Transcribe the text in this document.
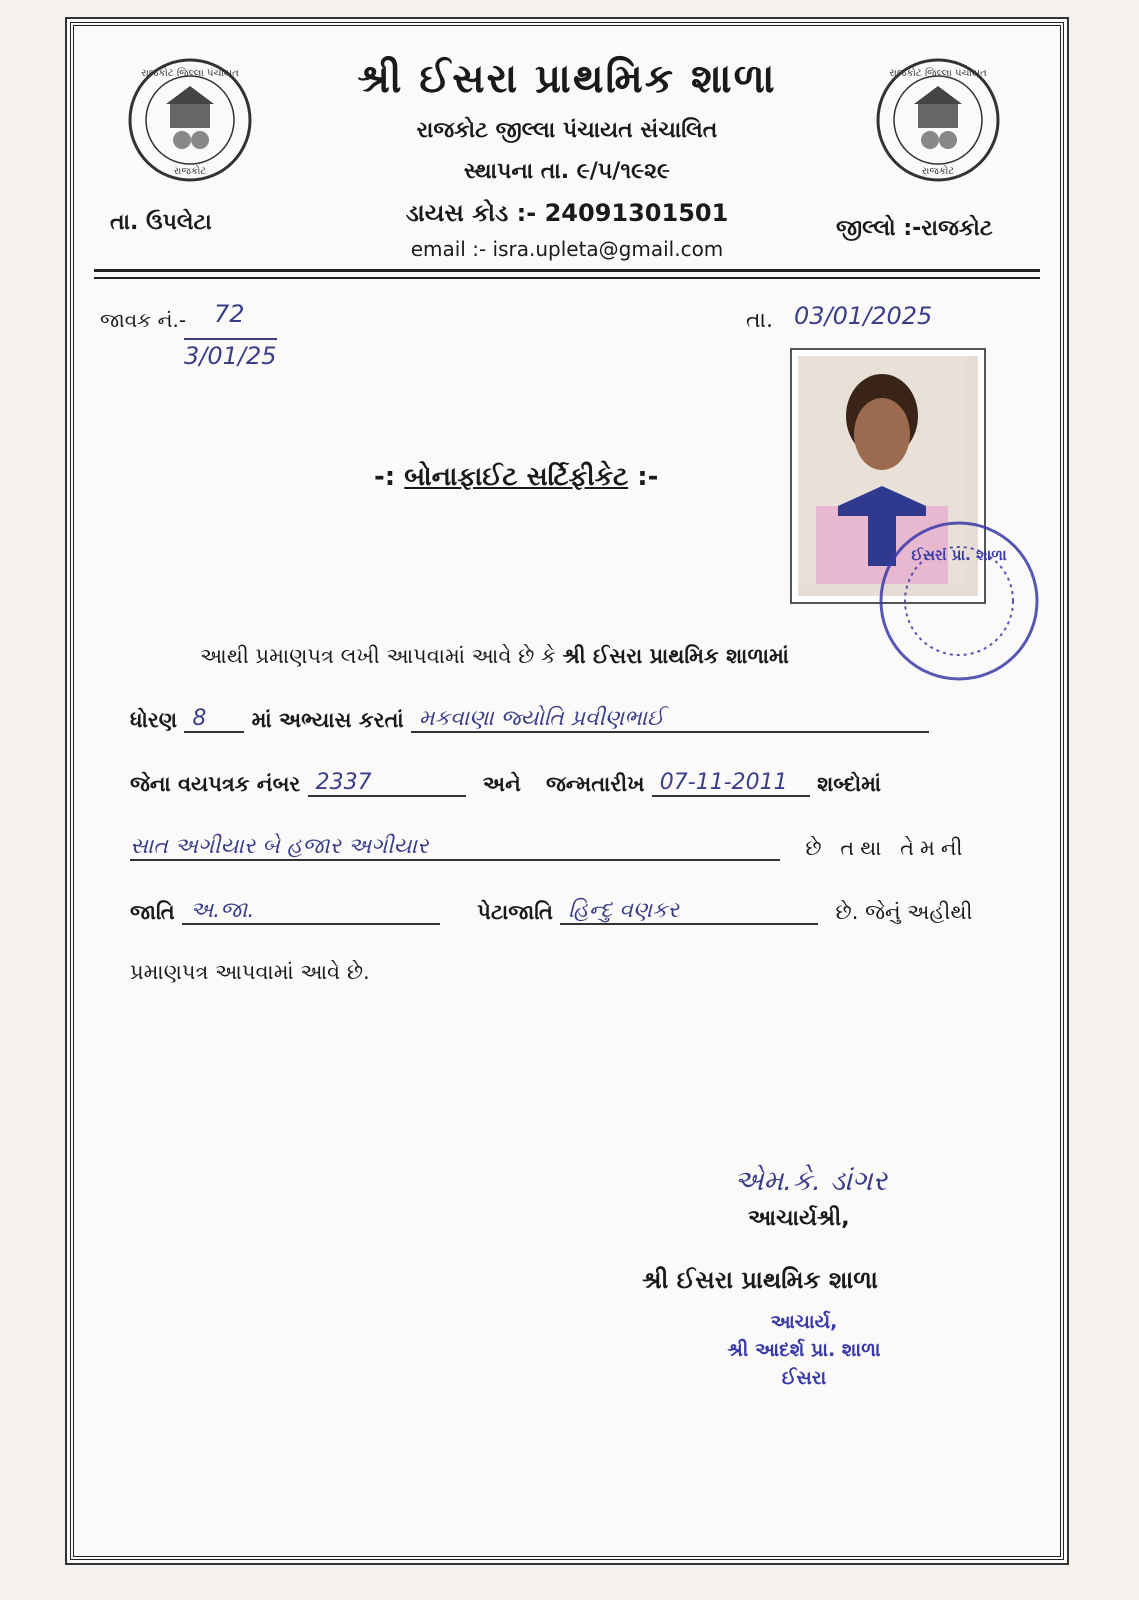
રાજકોટ જિલ્લા પંચાયત
રાજકોટ
રાજકોટ જિલ્લા પંચાયત
રાજકોટ
શ્રી ઈસરા પ્રાથમિક શાળા
રાજકોટ જીલ્લા પંચાયત સંચાલિત
સ્થાપના તા. ૯/૫/૧૯૨૯
ડાયસ કોડ :- 24091301501
email :- isra.upleta@gmail.com
તા. ઉપલેટા	જીલ્લો :-રાજકોટ
જાવક નં.- 72
3/01/25
તા. 03/01/2025
ઈસરા પ્રા. શાળા
-: બોનાફાઈટ સર્ટિફીકેટ :-
આથી પ્રમાણપત્ર લખી આપવામાં આવે છે કે શ્રી ઈસરા પ્રાથમિક શાળામાં
ધોરણ 8 માં અભ્યાસ કરતાં મકવાણા જ્યોતિ પ્રવીણભાઈ
જેના વયપત્રક નંબર 2337	અને જન્મતારીખ 07-11-2011 શબ્દોમાં
સાત અગીયાર બે હજાર અગીયાર	છે તથા તેમની
જાતિ અ.જા.	પેટાજાતિ હિન્દુ વણકર	છે. જેનું અહીથી
પ્રમાણપત્ર આપવામાં આવે છે.
એમ.કે. ડાંગર
આચાર્યશ્રી,
શ્રી ઈસરા પ્રાથમિક શાળા
આચાર્ય,
શ્રી આદર્શ પ્રા. શાળા
ઈસરા
